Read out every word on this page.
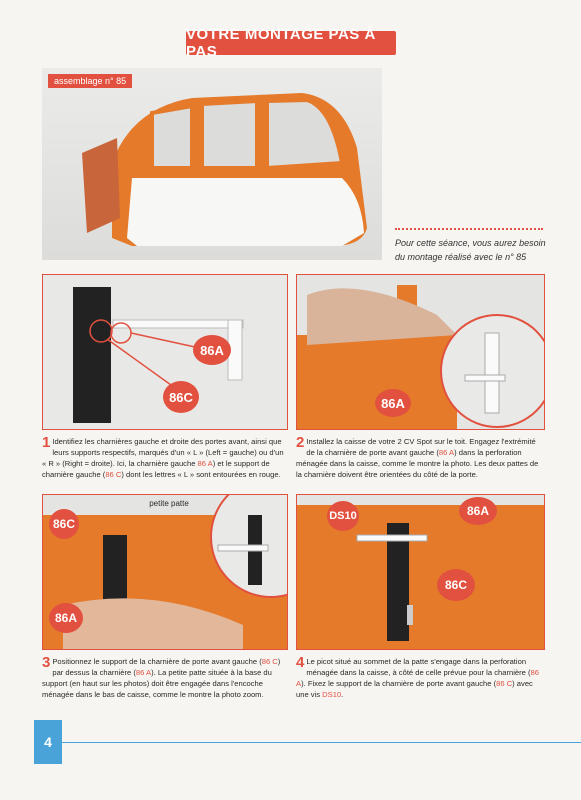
VOTRE MONTAGE PAS À PAS
assemblage n° 85
Pour cette séance, vous aurez besoin du montage réalisé avec le n° 85
86A
86C	86A
1 Identifiez les charnières gauche et droite des portes avant, ainsi que leurs supports respectifs, marqués d'un « L » (Left = gauche) ou d'un « R » (Right = droite). Ici, la charnière gauche 86 A) et le support de charnière gauche (86 C) dont les lettres « L » sont entourées en rouge.
2 Installez la caisse de votre 2 CV Spot sur le toit. Engagez l'extrémité de la charnière de porte avant gauche (86 A) dans la perforation ménagée dans la caisse, comme le montre la photo. Les deux pattes de la charnière doivent être orientées du côté de la porte.
86C
86A
petite patte
DS10	86A
86C
3 Positionnez le support de la charnière de porte avant gauche (86 C) par dessus la charnière (86 A). La petite patte située à la base du support (en haut sur les photos) doit être engagée dans l'encoche ménagée dans le bas de caisse, comme le montre la photo zoom.
4 Le picot situé au sommet de la patte s'engage dans la perforation ménagée dans la caisse, à côté de celle prévue pour la charnière (86 A). Fixez le support de la charnière de porte avant gauche (86 C) avec une vis DS10.
4
